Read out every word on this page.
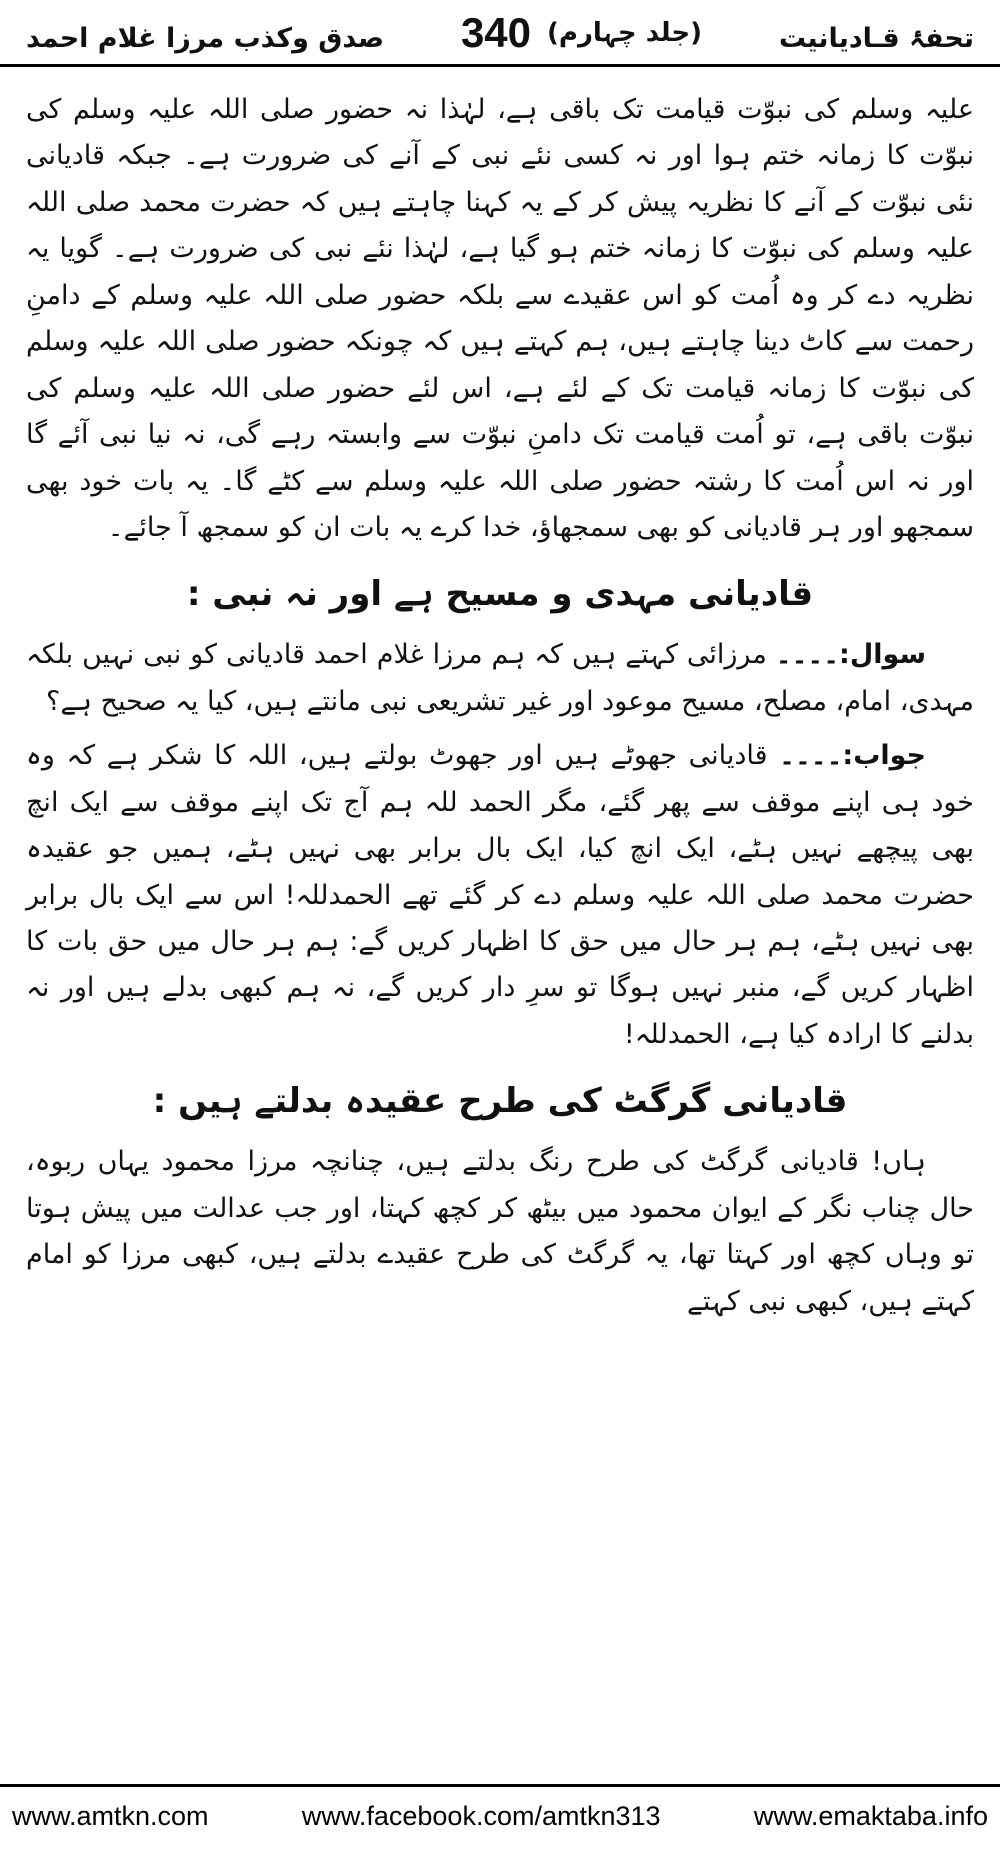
صدق وکذب مرزا غلام احمد 340 (جلد چہارم)	تحفۂ قـادیانیت

علیہ وسلم کی نبوّت قیامت تک باقی ہے، لہٰذا نہ حضور صلی اللہ علیہ وسلم کی نبوّت کا زمانہ ختم ہوا اور نہ کسی نئے نبی کے آنے کی ضرورت ہے۔ جبکہ قادیانی نئی نبوّت کے آنے کا نظریہ پیش کر کے یہ کہنا چاہتے ہیں کہ حضرت محمد صلی اللہ علیہ وسلم کی نبوّت کا زمانہ ختم ہو گیا ہے، لہٰذا نئے نبی کی ضرورت ہے۔ گویا یہ نظریہ دے کر وہ اُمت کو اس عقیدے سے بلکہ حضور صلی اللہ علیہ وسلم کے دامنِ رحمت سے کاٹ دینا چاہتے ہیں، ہم کہتے ہیں کہ چونکہ حضور صلی اللہ علیہ وسلم کی نبوّت کا زمانہ قیامت تک کے لئے ہے، اس لئے حضور صلی اللہ علیہ وسلم کی نبوّت باقی ہے، تو اُمت قیامت تک دامنِ نبوّت سے وابستہ رہے گی، نہ نیا نبی آئے گا اور نہ اس اُمت کا رشتہ حضور صلی اللہ علیہ وسلم سے کٹے گا۔ یہ بات خود بھی سمجھو اور ہر قادیانی کو بھی سمجھاؤ، خدا کرے یہ بات ان کو سمجھ آ جائے۔

قادیانی مہدی و مسیح ہے اور نہ نبی :

سوال:۔۔۔۔ مرزائی کہتے ہیں کہ ہم مرزا غلام احمد قادیانی کو نبی نہیں بلکہ مہدی، امام، مصلح، مسیح موعود اور غیر تشریعی نبی مانتے ہیں، کیا یہ صحیح ہے؟

جواب:۔۔۔۔ قادیانی جھوٹے ہیں اور جھوٹ بولتے ہیں، اللہ کا شکر ہے کہ وہ خود ہی اپنے موقف سے پھر گئے، مگر الحمد للہ ہم آج تک اپنے موقف سے ایک انچ بھی پیچھے نہیں ہٹے، ایک انچ کیا، ایک بال برابر بھی نہیں ہٹے، ہمیں جو عقیدہ حضرت محمد صلی اللہ علیہ وسلم دے کر گئے تھے الحمدللہ! اس سے ایک بال برابر بھی نہیں ہٹے، ہم ہر حال میں حق کا اظہار کریں گے: ہم ہر حال میں حق بات کا اظہار کریں گے، منبر نہیں ہوگا تو سرِ دار کریں گے، نہ ہم کبھی بدلے ہیں اور نہ بدلنے کا ارادہ کیا ہے، الحمدللہ!

قادیانی گرگٹ کی طرح عقیدہ بدلتے ہیں :

ہاں! قادیانی گرگٹ کی طرح رنگ بدلتے ہیں، چنانچہ مرزا محمود یہاں ربوہ، حال چناب نگر کے ایوان محمود میں بیٹھ کر کچھ کہتا، اور جب عدالت میں پیش ہوتا تو وہاں کچھ اور کہتا تھا، یہ گرگٹ کی طرح عقیدے بدلتے ہیں، کبھی مرزا کو امام کہتے ہیں، کبھی نبی کہتے

www.amtkn.com	www.facebook.com/amtkn313	www.emaktaba.info
